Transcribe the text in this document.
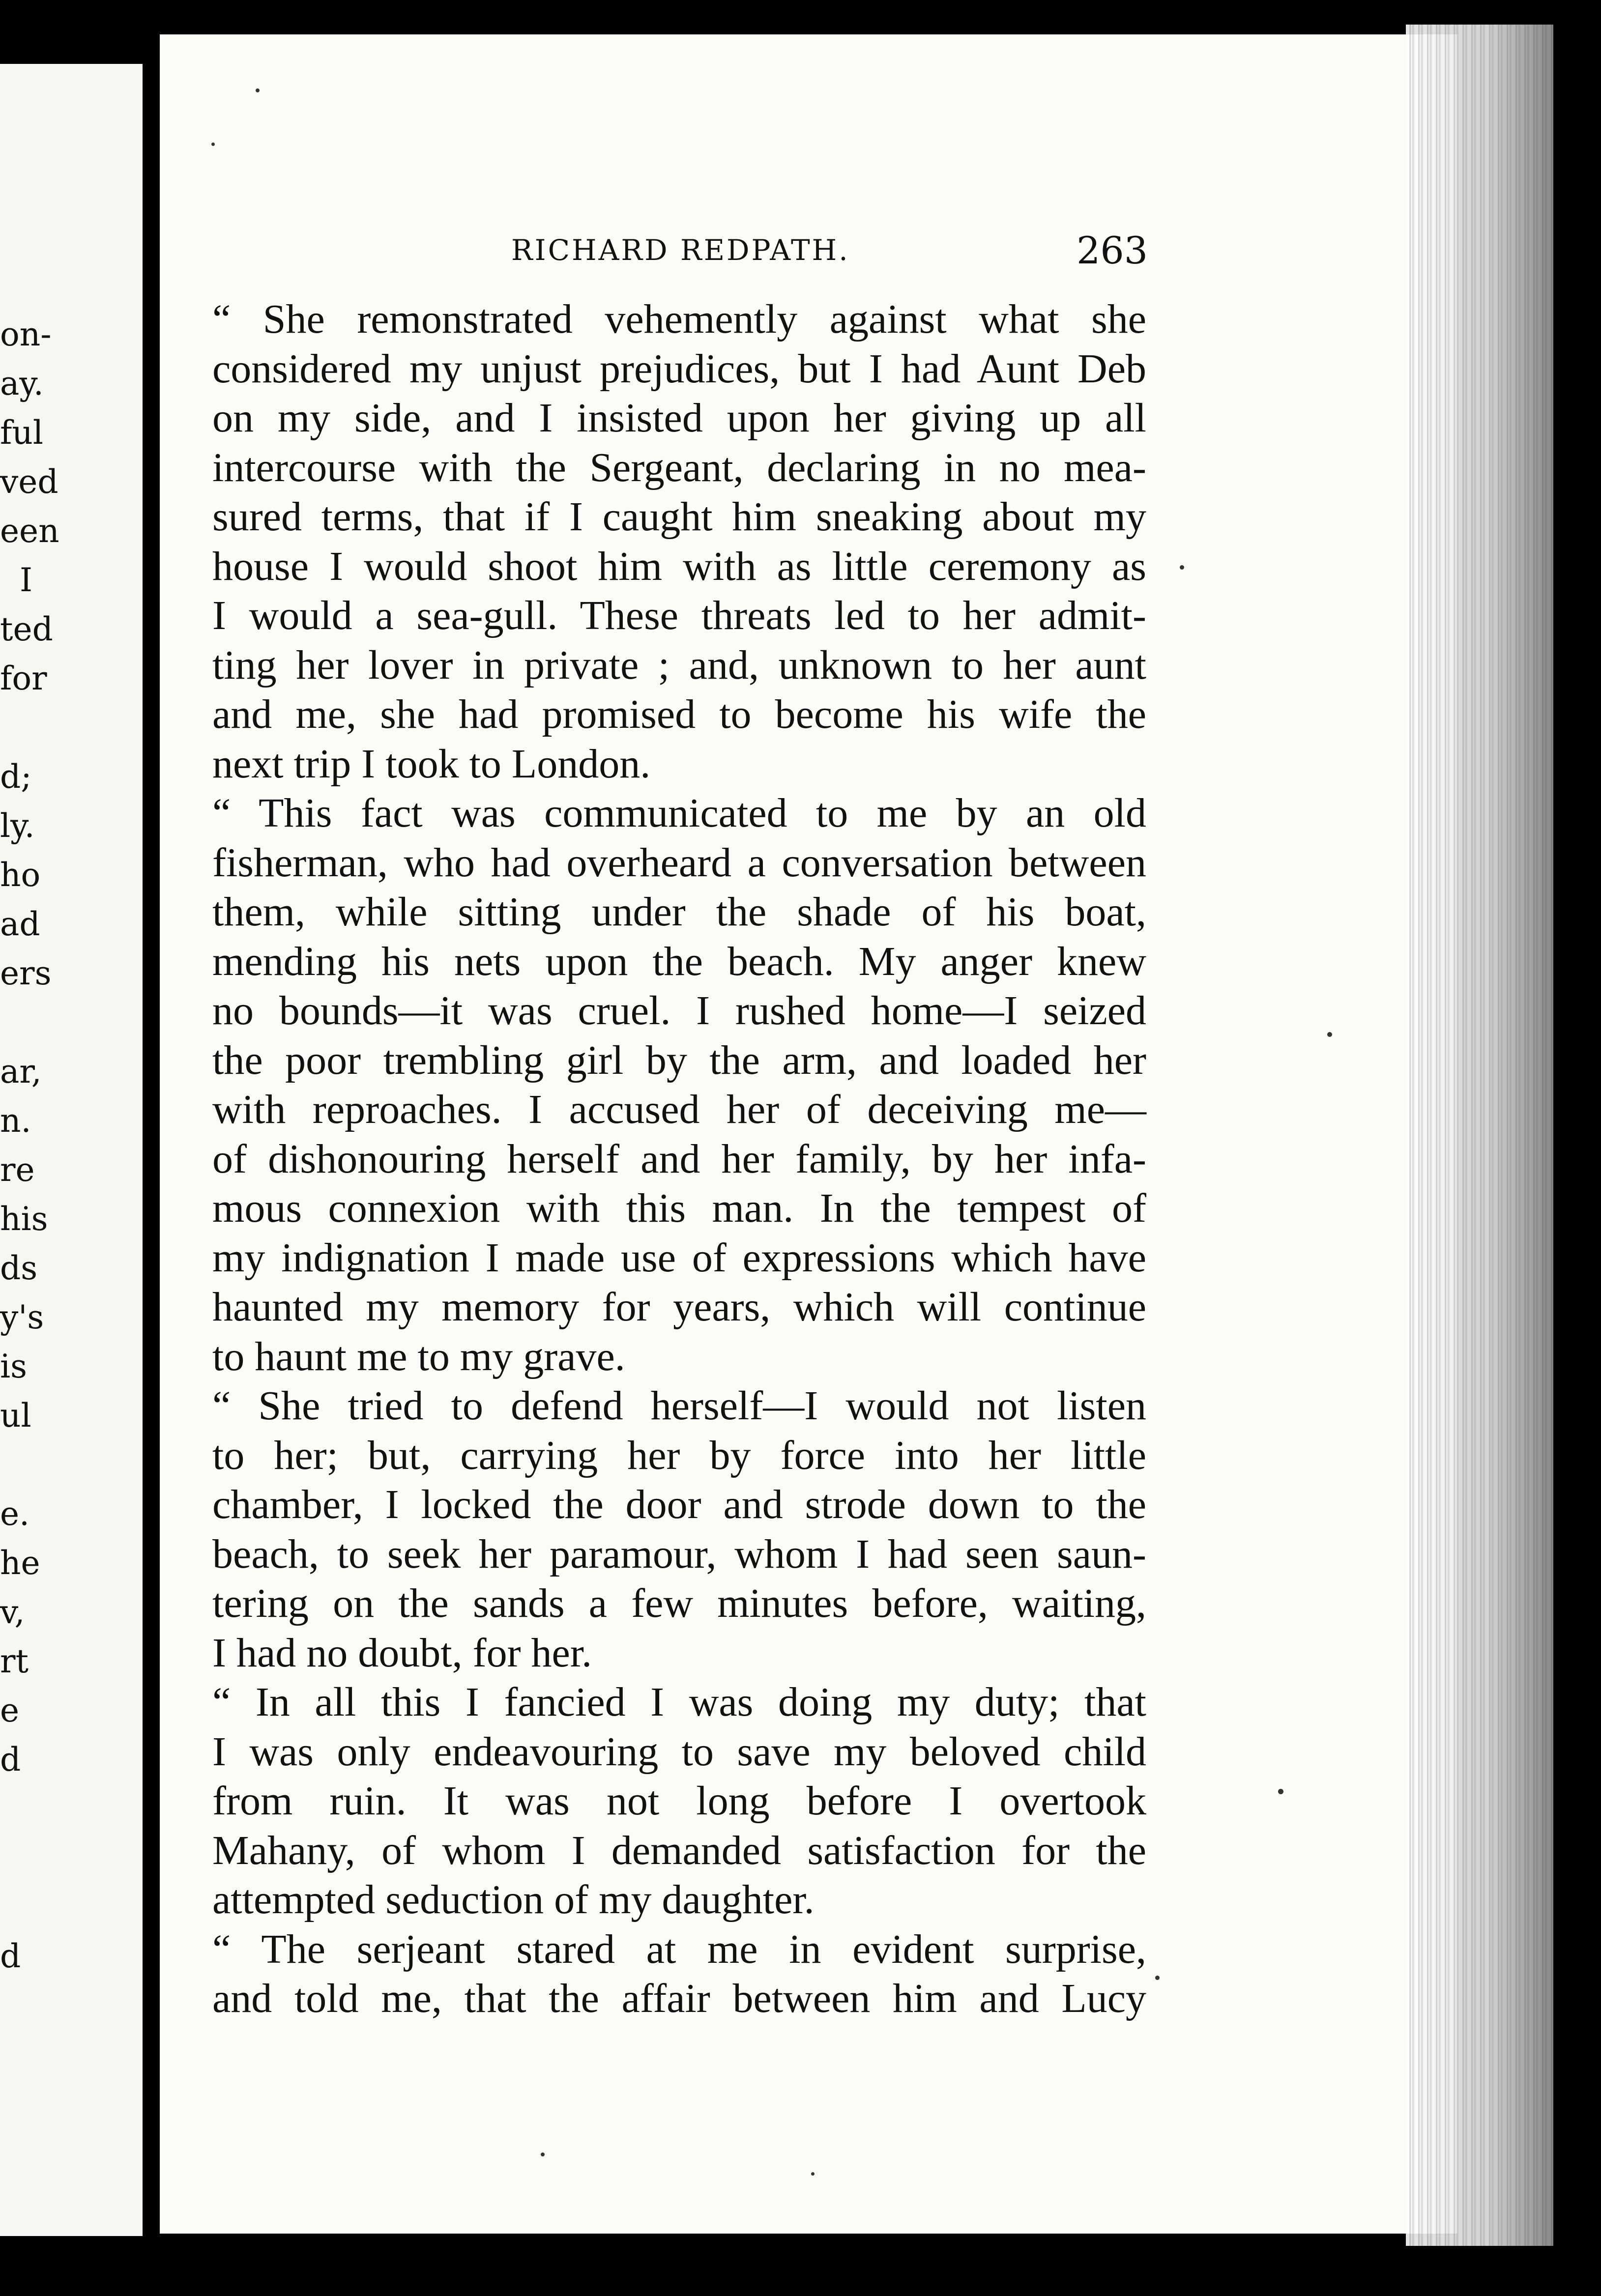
on-
ay.
ful
ved
een
I
ted
for
d;
ly.
ho
ad
ers
ar,
n.
re
his
ds
y's
is
ul
e.
he
v,
rt
e
d
d
RICHARD REDPATH.	263
“ She remonstrated vehemently against what she
considered my unjust prejudices, but I had Aunt Deb
on my side, and I insisted upon her giving up all
intercourse with the Sergeant, declaring in no mea-
sured terms, that if I caught him sneaking about my
house I would shoot him with as little ceremony as
I would a sea-gull. These threats led to her admit-
ting her lover in private ; and, unknown to her aunt
and me, she had promised to become his wife the
next trip I took to London.
“ This fact was communicated to me by an old
fisherman, who had overheard a conversation between
them, while sitting under the shade of his boat,
mending his nets upon the beach. My anger knew
no bounds—it was cruel. I rushed home—I seized
the poor trembling girl by the arm, and loaded her
with reproaches. I accused her of deceiving me—
of dishonouring herself and her family, by her infa-
mous connexion with this man. In the tempest of
my indignation I made use of expressions which have
haunted my memory for years, which will continue
to haunt me to my grave.
“ She tried to defend herself—I would not listen
to her; but, carrying her by force into her little
chamber, I locked the door and strode down to the
beach, to seek her paramour, whom I had seen saun-
tering on the sands a few minutes before, waiting,
I had no doubt, for her.
“ In all this I fancied I was doing my duty; that
I was only endeavouring to save my beloved child
from ruin. It was not long before I overtook
Mahany, of whom I demanded satisfaction for the
attempted seduction of my daughter.
“ The serjeant stared at me in evident surprise,
and told me, that the affair between him and Lucy
